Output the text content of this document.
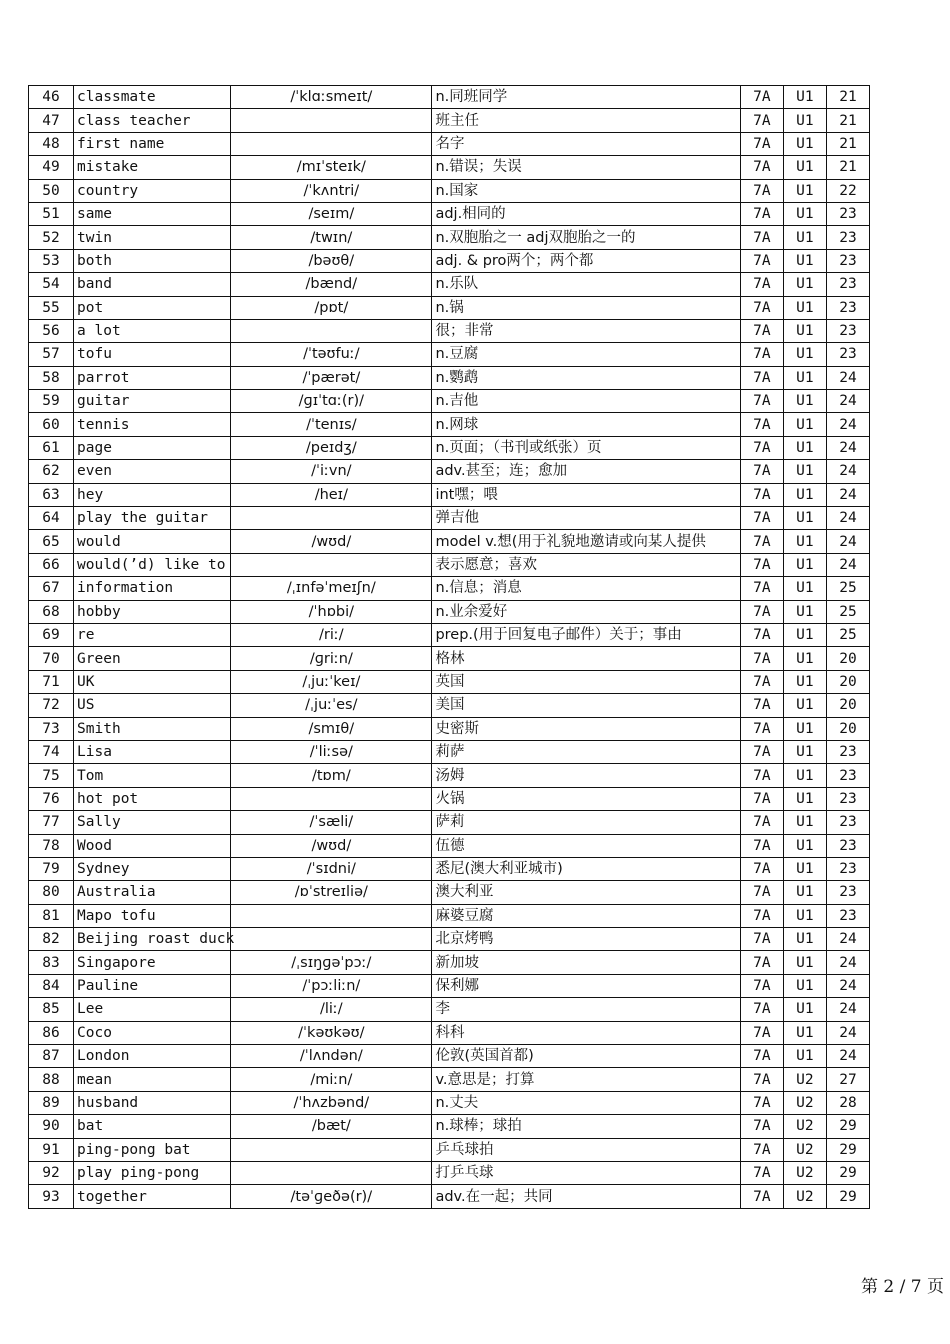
46	classmate	/ˈklɑːsmeɪt/	n.同班同学	7A	U1	21
47	class teacher		班主任	7A	U1	21
48	first name		名字	7A	U1	21
49	mistake	/mɪˈsteɪk/	n.错误；失误	7A	U1	21
50	country	/ˈkʌntri/	n.国家	7A	U1	22
51	same	/seɪm/	adj.相同的	7A	U1	23
52	twin	/twɪn/	n.双胞胎之一 adj双胞胎之一的	7A	U1	23
53	both	/bəʊθ/	adj. & pro两个；两个都	7A	U1	23
54	band	/bænd/	n.乐队	7A	U1	23
55	pot	/pɒt/	n.锅	7A	U1	23
56	a lot		很；非常	7A	U1	23
57	tofu	/ˈtəʊfuː/	n.豆腐	7A	U1	23
58	parrot	/ˈpærət/	n.鹦鹉	7A	U1	24
59	guitar	/ɡɪˈtɑː(r)/	n.吉他	7A	U1	24
60	tennis	/ˈtenɪs/	n.网球	7A	U1	24
61	page	/peɪdʒ/	n.页面；（书刊或纸张）页	7A	U1	24
62	even	/ˈiːvn/	adv.甚至；连；愈加	7A	U1	24
63	hey	/heɪ/	int嘿；喂	7A	U1	24
64	play the guitar		弹吉他	7A	U1	24
65	would	/wʊd/	model v.想(用于礼貌地邀请或向某人提供	7A	U1	24
66	would(’d) like to		表示愿意；喜欢	7A	U1	24
67	information	/ˌɪnfəˈmeɪʃn/	n.信息；消息	7A	U1	25
68	hobby	/ˈhɒbi/	n.业余爱好	7A	U1	25
69	re	/riː/	prep.(用于回复电子邮件）关于；事由	7A	U1	25
70	Green	/ɡriːn/	格林	7A	U1	20
71	UK	/ˌjuːˈkeɪ/	英国	7A	U1	20
72	US	/ˌjuːˈes/	美国	7A	U1	20
73	Smith	/smɪθ/	史密斯	7A	U1	20
74	Lisa	/ˈliːsə/	莉萨	7A	U1	23
75	Tom	/tɒm/	汤姆	7A	U1	23
76	hot pot		火锅	7A	U1	23
77	Sally	/ˈsæli/	萨莉	7A	U1	23
78	Wood	/wʊd/	伍德	7A	U1	23
79	Sydney	/ˈsɪdni/	悉尼(澳大利亚城市)	7A	U1	23
80	Australia	/ɒˈstreɪliə/	澳大利亚	7A	U1	23
81	Mapo tofu		麻婆豆腐	7A	U1	23
82	Beijing roast duck		北京烤鸭	7A	U1	24
83	Singapore	/ˌsɪŋɡəˈpɔː/	新加坡	7A	U1	24
84	Pauline	/ˈpɔːliːn/	保利娜	7A	U1	24
85	Lee	/liː/	李	7A	U1	24
86	Coco	/ˈkəʊkəʊ/	科科	7A	U1	24
87	London	/ˈlʌndən/	伦敦(英国首都)	7A	U1	24
88	mean	/miːn/	v.意思是；打算	7A	U2	27
89	husband	/ˈhʌzbənd/	n.丈夫	7A	U2	28
90	bat	/bæt/	n.球棒；球拍	7A	U2	29
91	ping-pong bat		乒乓球拍	7A	U2	29
92	play ping-pong		打乒乓球	7A	U2	29
93	together	/təˈɡeðə(r)/	adv.在一起；共同	7A	U2	29
第 2 / 7 页
